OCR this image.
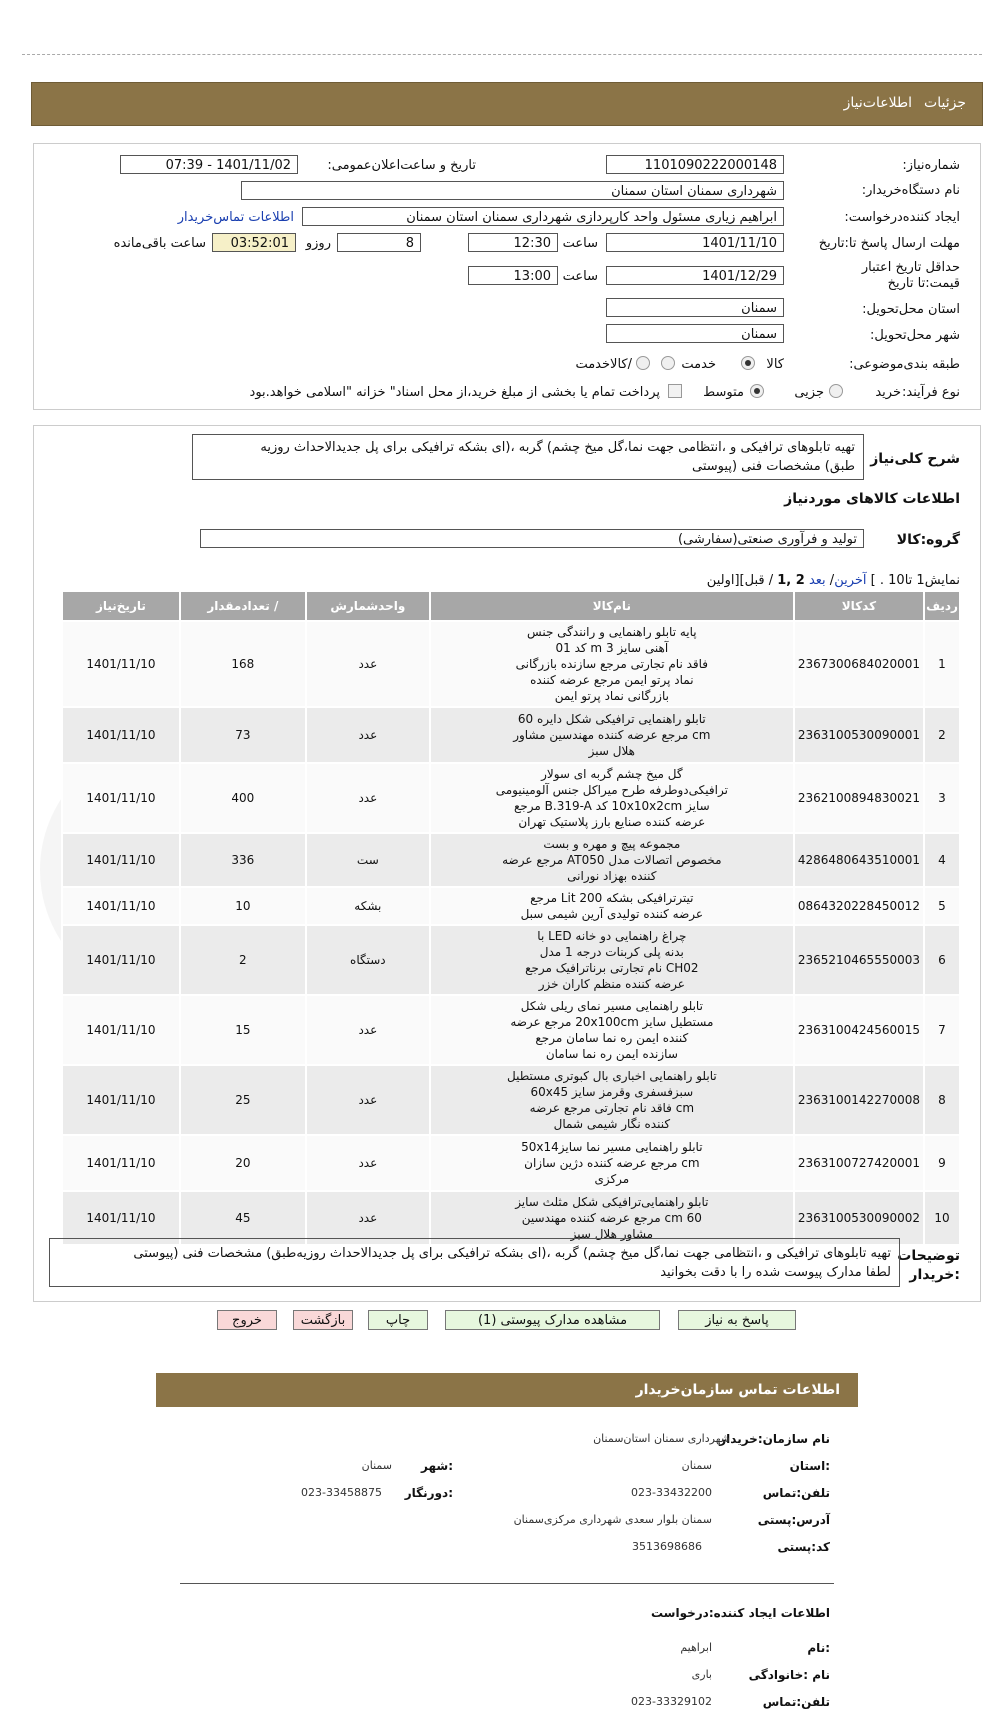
جزئیات
اطلاعات‌نیاز
شماره‌نیاز:
1101090222000148
تاریخ و ساعت‌اعلان‌عمومی:
1401/11/02 - 07:39
نام دستگاه‌خریدار:
شهرداری سمنان استان سمنان
ایجاد کننده‌درخواست:
ابراهیم زیاری مسئول واحد کارپردازی شهرداری سمنان استان سمنان
اطلاعات تماس‌خریدار
مهلت ارسال پاسخ تا:تاریخ
1401/11/10
ساعت
12:30
8
روزو
03:52:01
ساعت باقی‌مانده
حداقل تاریخ اعتبار قیمت:تا تاریخ
1401/12/29
ساعت
13:00
استان محل‌تحویل:
سمنان
شهر محل‌تحویل:
سمنان
طبقه بندی‌موضوعی:
کالا
خدمت
/کالاخدمت
نوع فرآیند:
خرید
جزیی
متوسط
پرداخت تمام یا بخشی از مبلغ خرید،از محل اسناد" خزانه "اسلامی خواهد.بود
شرح کلی‌نیاز
تهیه تابلوهای ترافیکی و ،انتظامی جهت نما،گل میخ چشم) گربه ،(ای بشکه ترافیکی برای پل جدیدالاحداث روزیه
طبق) مشخصات فنی (پیوستی
اطلاعات کالاهای موردنیاز
گروه:کالا
تولید و فرآوری صنعتی(سفارشی)
نمایش1 تا10 . ] آخرین/ بعد 2 ,1 / قبل][اولین
ردیف	کدکالا	نام‌کالا	واحدشمارش	/ تعدادمقدار	تاریخ‌نیاز
1	2367300684020001	پایه تابلو راهنمایی و رانندگی جنس
آهنی سایز 3 m کد 01
فاقد نام تجارتی مرجع سازنده بازرگانی
نماد پرتو ایمن مرجع عرضه کننده
بازرگانی نماد پرتو ایمن	عدد	168	1401/11/10
2	2363100530090001	تابلو راهنمایی ترافیکی شکل دایره 60
cm مرجع عرضه کننده مهندسین مشاور
هلال سبز	عدد	73	1401/11/10
3	2362100894830021	گل میخ چشم گربه ای سولار
ترافیکی‌دوطرفه طرح میراکل جنس آلومینیومی
سایز 10x10x2cm کد B.319-A مرجع
عرضه کننده صنایع بارز پلاستیک تهران	عدد	400	1401/11/10
4	4286480643510001	مجموعه پیچ و مهره و بست
مخصوص اتصالات مدل AT050 مرجع عرضه
کننده بهزاد نورانی	ست	336	1401/11/10
5	0864320228450012	تیترترافیکی بشکه 200 Lit مرجع
عرضه کننده تولیدی آرین شیمی سبل	بشکه	10	1401/11/10
6	2365210465550003	چراغ راهنمایی دو خانه LED با
بدنه پلی کربنات درجه 1 مدل
CH02 نام تجارتی برناترافیک مرجع
عرضه کننده منظم کاران خزر	دستگاه	2	1401/11/10
7	2363100424560015	تابلو راهنمایی مسیر نمای ریلی شکل
مستطیل سایز 20x100cm مرجع عرضه
کننده ایمن ره نما سامان مرجع
سازنده ایمن ره نما سامان	عدد	15	1401/11/10
8	2363100142270008	تابلو راهنمایی اخباری بال کبوتری مستطیل
سبزفسفری وقرمز سایز 60x45
cm فاقد نام تجارتی مرجع عرضه
کننده نگار شیمی شمال	عدد	25	1401/11/10
9	2363100727420001	تابلو راهنمایی مسیر نما سایز50x14
cm مرجع عرضه کننده دژین سازان
مرکزی	عدد	20	1401/11/10
10	2363100530090002	تابلو راهنمایی‌ترافیکی شکل مثلث سایز
60 cm مرجع عرضه کننده مهندسین
مشاور هلال سبز	عدد	45	1401/11/10
توضیحات
:خریدار
تهیه تابلوهای ترافیکی و ،انتظامی جهت نما،گل میخ چشم) گربه ،(ای بشکه ترافیکی برای پل جدیدالاحداث روزیه‌طبق) مشخصات فنی (پیوستی
لطفا مدارک پیوست شده را با دقت بخوانید
پاسخ به نیاز
مشاهده مدارک پیوستی (1)
چاپ
بازگشت
خروج
اطلاعات تماس سازمان‌خریدار
نام سازمان‌:خریدار
شهرداری سمنان استان‌سمنان
:استان
سمنان
:شهر
سمنان
تلفن:تماس
023-33432200
:دورنگار
023-33458875
آدرس:پستی
سمنان بلوار سعدی شهرداری مرکزی‌سمنان
کد:پستی
3513698686
اطلاعات ایجاد کننده‌:درخواست
:نام
ابراهیم
نام :خانوادگی
باری
تلفن:تماس
023-33329102
